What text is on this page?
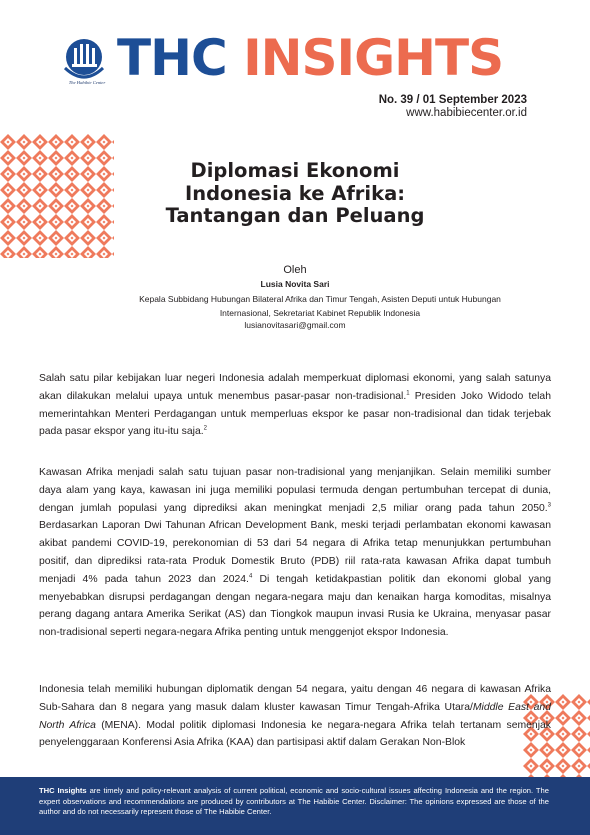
The Habibie Center THC INSIGHTS
No. 39 / 01 September 2023
www.habibiecenter.or.id
Diplomasi Ekonomi
Indonesia ke Afrika:
Tantangan dan Peluang
Oleh
Lusia Novita Sari
Kepala Subbidang Hubungan Bilateral Afrika dan Timur Tengah, Asisten Deputi untuk Hubungan
Internasional, Sekretariat Kabinet Republik Indonesia
lusianovitasari@gmail.com

Salah satu pilar kebijakan luar negeri Indonesia adalah memperkuat diplomasi ekonomi, yang salah satunya akan dilakukan melalui upaya untuk menembus pasar-pasar non-tradisional.$^1$ Presiden Joko Widodo telah memerintahkan Menteri Perdagangan untuk memperluas ekspor ke pasar non-tradisional dan tidak terjebak pada pasar ekspor yang itu-itu saja.$^2$

Kawasan Afrika menjadi salah satu tujuan pasar non-tradisional yang menjanjikan. Selain memiliki sumber daya alam yang kaya, kawasan ini juga memiliki populasi termuda dengan pertumbuhan tercepat di dunia, dengan jumlah populasi yang diprediksi akan meningkat menjadi 2,5 miliar orang pada tahun 2050.$^3$ Berdasarkan Laporan Dwi Tahunan African Development Bank, meski terjadi perlambatan ekonomi kawasan akibat pandemi COVID-19, perekonomian di 53 dari 54 negara di Afrika tetap menunjukkan pertumbuhan positif, dan diprediksi rata-rata Produk Domestik Bruto (PDB) riil rata-rata kawasan Afrika dapat tumbuh menjadi 4% pada tahun 2023 dan 2024.$^4$ Di tengah ketidakpastian politik dan ekonomi global yang menyebabkan disrupsi perdagangan dengan negara-negara maju dan kenaikan harga komoditas, misalnya perang dagang antara Amerika Serikat (AS) dan Tiongkok maupun invasi Rusia ke Ukraina, menyasar pasar non-tradisional seperti negara-negara Afrika penting untuk menggenjot ekspor Indonesia.

Indonesia telah memiliki hubungan diplomatik dengan 54 negara, yaitu dengan 46 negara di kawasan Afrika Sub-Sahara dan 8 negara yang masuk dalam kluster kawasan Timur Tengah-Afrika Utara/Middle East and North Africa (MENA). Modal politik diplomasi Indonesia ke negara-negara Afrika telah tertanam semenjak penyelenggaraan Konferensi Asia Afrika (KAA) dan partisipasi aktif dalam Gerakan Non-Blok

THC Insights are timely and policy-relevant analysis of current political, economic and socio-cultural issues affecting Indonesia and the region. The expert observations and recommendations are produced by contributors at The Habibie Center. Disclaimer: The opinions expressed are those of the author and do not necessarily represent those of The Habibie Center.
